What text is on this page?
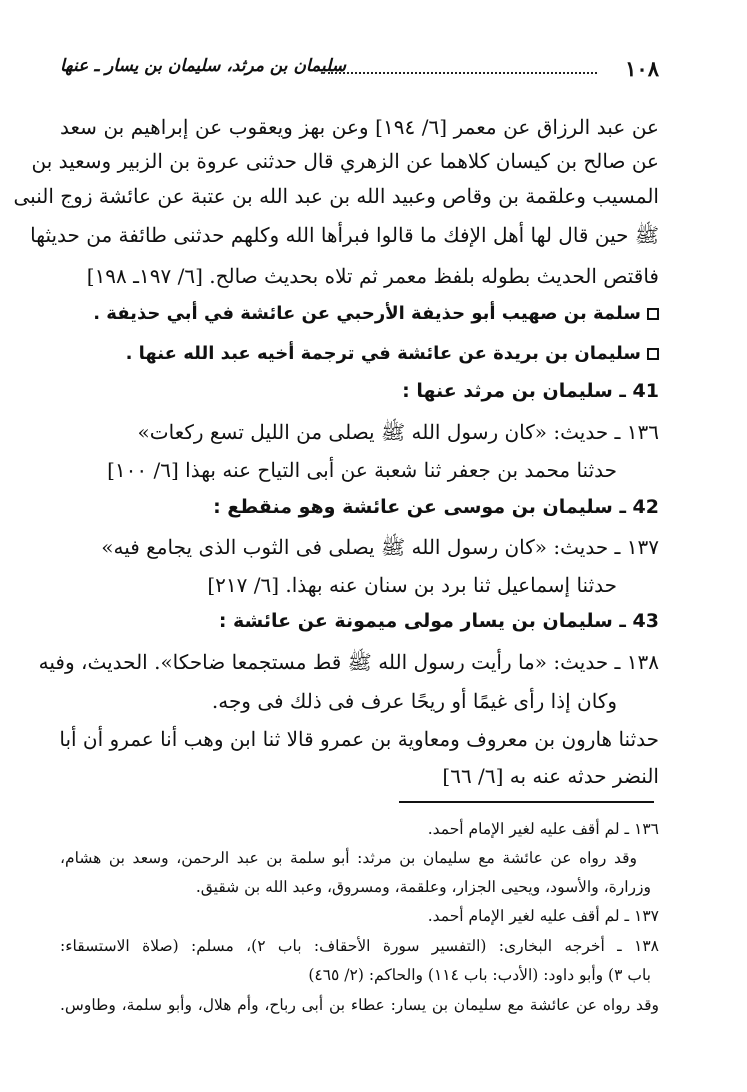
١٠٨
سليمان بن مرثد، سليمان بن يسار ـ عنها
عن عبد الرزاق عن معمر [٦/ ١٩٤] وعن بهز ويعقوب عن إبراهيم بن سعد
عن صالح بن كيسان كلاهما عن الزهري قال حدثنى عروة بن الزبير وسعيد بن
المسيب وعلقمة بن وقاص وعبيد الله بن عبد الله بن عتبة عن عائشة زوج النبى
ﷺ حين قال لها أهل الإفك ما قالوا فبرأها الله وكلهم حدثنى طائفة من حديثها
فاقتص الحديث بطوله بلفظ معمر ثم تلاه بحديث صالح. [٦/ ١٩٧ـ ١٩٨]
سلمة بن صهيب أبو حذيفة الأرحبي عن عائشة في أبي حذيفة .
سليمان بن بريدة عن عائشة في ترجمة أخيه عبد الله عنها .
41 ـ سليمان بن مرثد عنها :
١٣٦ ـ حديث: «كان رسول الله ﷺ يصلى من الليل تسع ركعات»
حدثنا محمد بن جعفر ثنا شعبة عن أبى التياح عنه بهذا [٦/ ١٠٠]
42 ـ سليمان بن موسى عن عائشة وهو منقطع :
١٣٧ ـ حديث: «كان رسول الله ﷺ يصلى فى الثوب الذى يجامع فيه»
حدثنا إسماعيل ثنا برد بن سنان عنه بهذا. [٦/ ٢١٧]
43 ـ سليمان بن يسار مولى ميمونة عن عائشة :
١٣٨ ـ حديث: «ما رأيت رسول الله ﷺ قط مستجمعا ضاحكا». الحديث، وفيه
وكان إذا رأى غيمًا أو ريحًا عرف فى ذلك فى وجه.
حدثنا هارون بن معروف ومعاوية بن عمرو قالا ثنا ابن وهب أنا عمرو أن أبا
النضر حدثه عنه به [٦/ ٦٦]
١٣٦ ـ لم أقف عليه لغير الإمام أحمد.
وقد رواه عن عائشة مع سليمان بن مرثد: أبو سلمة بن عبد الرحمن، وسعد بن هشام،
وزرارة، والأسود، ويحيى الجزار، وعلقمة، ومسروق، وعبد الله بن شقيق.
١٣٧ ـ لم أقف عليه لغير الإمام أحمد.
١٣٨ ـ أخرجه البخارى: (التفسير سورة الأحقاف: باب ٢)، مسلم: (صلاة الاستسقاء:
باب ٣) وأبو داود: (الأدب: باب ١١٤) والحاكم: (٢/ ٤٦٥)
وقد رواه عن عائشة مع سليمان بن يسار: عطاء بن أبى رباح، وأم هلال، وأبو سلمة، وطاوس.
